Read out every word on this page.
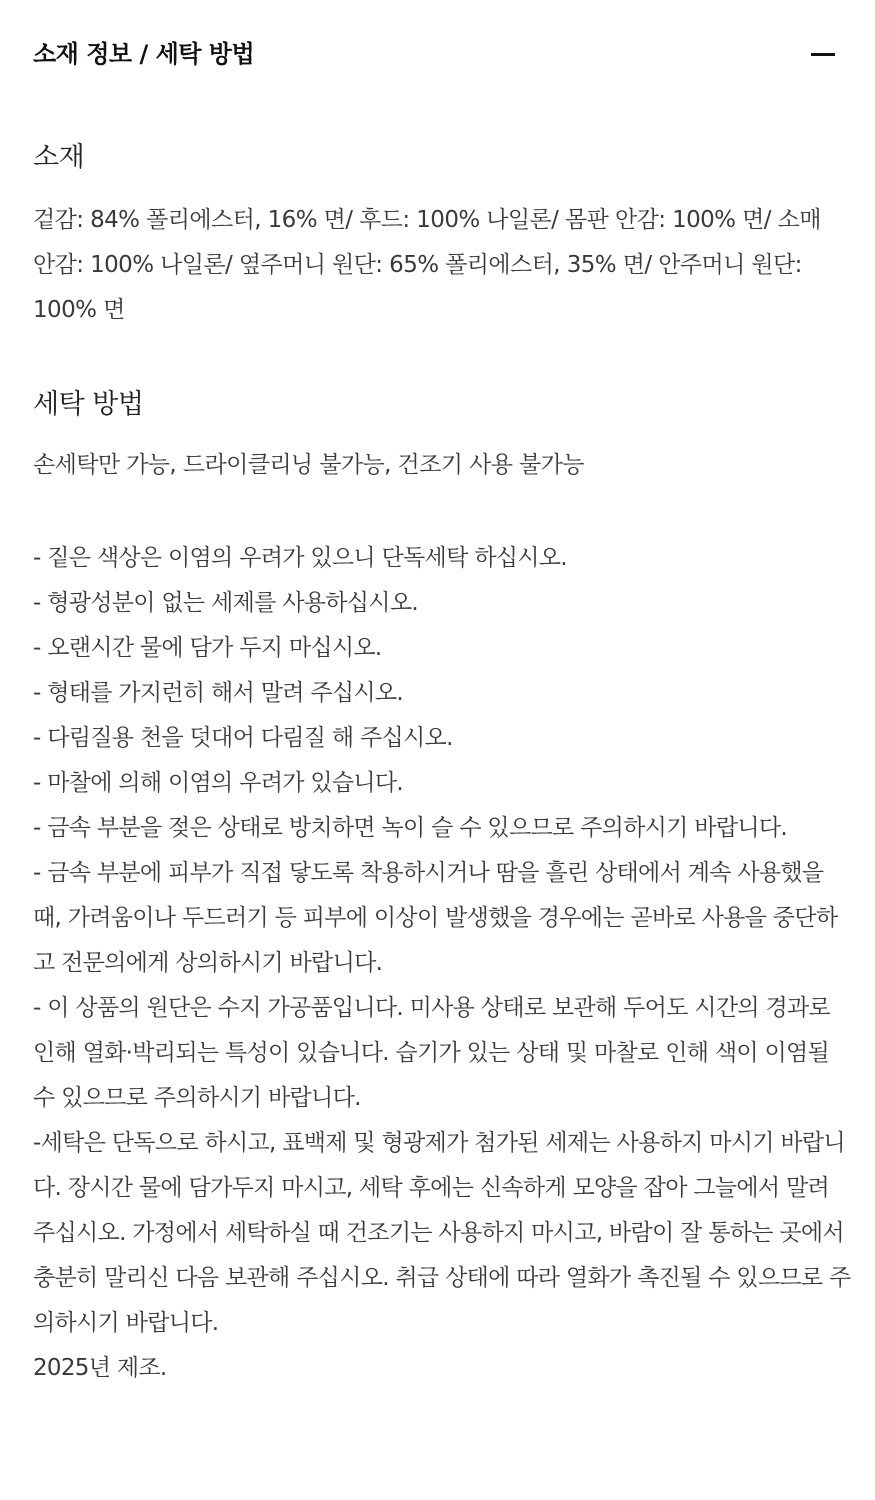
소재 정보 / 세탁 방법
소재
겉감: 84% 폴리에스터, 16% 면/ 후드: 100% 나일론/ 몸판 안감: 100% 면/ 소매 안감: 100% 나일론/ 옆주머니 원단: 65% 폴리에스터, 35% 면/ 안주머니 원단: 100% 면
세탁 방법
손세탁만 가능, 드라이클리닝 불가능, 건조기 사용 불가능
- 짙은 색상은 이염의 우려가 있으니 단독세탁 하십시오.
- 형광성분이 없는 세제를 사용하십시오.
- 오랜시간 물에 담가 두지 마십시오.
- 형태를 가지런히 해서 말려 주십시오.
- 다림질용 천을 덧대어 다림질 해 주십시오.
- 마찰에 의해 이염의 우려가 있습니다.
- 금속 부분을 젖은 상태로 방치하면 녹이 슬 수 있으므로 주의하시기 바랍니다.
- 금속 부분에 피부가 직접 닿도록 착용하시거나 땀을 흘린 상태에서 계속 사용했을 때, 가려움이나 두드러기 등 피부에 이상이 발생했을 경우에는 곧바로 사용을 중단하고 전문의에게 상의하시기 바랍니다.
- 이 상품의 원단은 수지 가공품입니다. 미사용 상태로 보관해 두어도 시간의 경과로 인해 열화·박리되는 특성이 있습니다. 습기가 있는 상태 및 마찰로 인해 색이 이염될 수 있으므로 주의하시기 바랍니다.
-세탁은 단독으로 하시고, 표백제 및 형광제가 첨가된 세제는 사용하지 마시기 바랍니다. 장시간 물에 담가두지 마시고, 세탁 후에는 신속하게 모양을 잡아 그늘에서 말려 주십시오. 가정에서 세탁하실 때 건조기는 사용하지 마시고, 바람이 잘 통하는 곳에서 충분히 말리신 다음 보관해 주십시오. 취급 상태에 따라 열화가 촉진될 수 있으므로 주의하시기 바랍니다.
2025년 제조.
